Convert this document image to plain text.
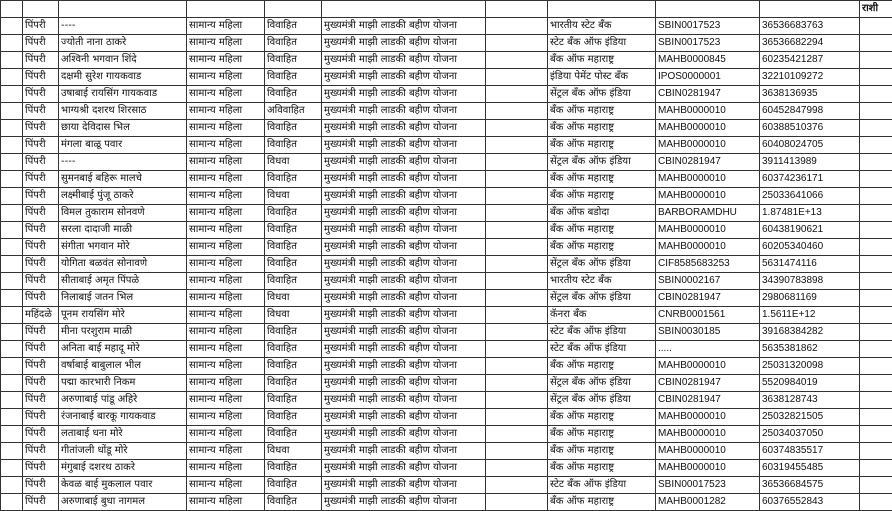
										राशी
	पिंपरी	----	सामान्य महिला	विवाहित	मुख्यमंत्री माझी लाडकी बहीण योजना		भारतीय स्टेट बँक	SBIN0017523	36536683763	
	पिंपरी	ज्योती नाना ठाकरे	सामान्य महिला	विवाहित	मुख्यमंत्री माझी लाडकी बहीण योजना		स्टेट बँक ऑफ इंडिया	SBIN0017523	36536682294	
	पिंपरी	अश्विनी भगवान शिंदे	सामान्य महिला	विवाहित	मुख्यमंत्री माझी लाडकी बहीण योजना		बँक ऑफ महाराष्ट्र	MAHB0000845	60235421287	
	पिंपरी	दक्षमी सुरेश गायकवाड	सामान्य महिला	विवाहित	मुख्यमंत्री माझी लाडकी बहीण योजना		इंडिया पेमेंट पोस्ट बँक	IPOS0000001	32210109272	
	पिंपरी	उषाबाई रायसिंग गायकवाड	सामान्य महिला	विवाहित	मुख्यमंत्री माझी लाडकी बहीण योजना		सेंट्रल बँक ऑफ इंडिया	CBIN0281947	3638136935	
	पिंपरी	भाग्यश्री दशरथ शिरसाठ	सामान्य महिला	अविवाहित	मुख्यमंत्री माझी लाडकी बहीण योजना		बँक ऑफ महाराष्ट्र	MAHB0000010	60452847998	
	पिंपरी	छाया देविदास भिल	सामान्य महिला	विवाहित	मुख्यमंत्री माझी लाडकी बहीण योजना		बँक ऑफ महाराष्ट्र	MAHB0000010	60388510376	
	पिंपरी	मंगला बाळू पवार	सामान्य महिला	विवाहित	मुख्यमंत्री माझी लाडकी बहीण योजना		बँक ऑफ महाराष्ट्र	MAHB0000010	60408024705	
	पिंपरी	----	सामान्य महिला	विधवा	मुख्यमंत्री माझी लाडकी बहीण योजना		सेंट्रल बँक ऑफ इंडिया	CBIN0281947	3911413989	
	पिंपरी	सुमनबाई बहिरू मालचे	सामान्य महिला	विवाहित	मुख्यमंत्री माझी लाडकी बहीण योजना		बँक ऑफ महाराष्ट्र	MAHB0000010	60374236171	
	पिंपरी	लक्ष्मीबाई पुंजू ठाकरे	सामान्य महिला	विधवा	मुख्यमंत्री माझी लाडकी बहीण योजना		बँक ऑफ महाराष्ट्र	MAHB0000010	25033641066	
	पिंपरी	विमल तुकाराम सोनवणे	सामान्य महिला	विवाहित	मुख्यमंत्री माझी लाडकी बहीण योजना		बँक ऑफ बडोदा	BARBORAMDHU	1.87481E+13	
	पिंपरी	सरला दादाजी माळी	सामान्य महिला	विवाहित	मुख्यमंत्री माझी लाडकी बहीण योजना		बँक ऑफ महाराष्ट्र	MAHB0000010	60438190621	
	पिंपरी	संगीता भगवान मोरे	सामान्य महिला	विवाहित	मुख्यमंत्री माझी लाडकी बहीण योजना		बँक ऑफ महाराष्ट्र	MAHB0000010	60205340460	
	पिंपरी	योगिता बळवंत सोनावणे	सामान्य महिला	विवाहित	मुख्यमंत्री माझी लाडकी बहीण योजना		सेंट्रल बँक ऑफ इंडिया	CIF8585683253	5631474116	
	पिंपरी	सीताबाई अमृत पिंपळे	सामान्य महिला	विवाहित	मुख्यमंत्री माझी लाडकी बहीण योजना		भारतीय स्टेट बँक	SBIN0002167	34390783898	
	पिंपरी	निलाबाई जतन भिल	सामान्य महिला	विधवा	मुख्यमंत्री माझी लाडकी बहीण योजना		सेंट्रल बँक ऑफ इंडिया	CBIN0281947	2980681169	
	महिंदळे	पूनम रायसिंग मोरे	सामान्य महिला	विधवा	मुख्यमंत्री माझी लाडकी बहीण योजना		कॅनरा बँक	CNRB0001561	1.5611E+12	
	पिंपरी	मीना परशुराम माळी	सामान्य महिला	विवाहित	मुख्यमंत्री माझी लाडकी बहीण योजना		स्टेट बँक ऑफ इंडिया	SBIN0030185	39168384282	
	पिंपरी	अनिता बाई महादू मोरे	सामान्य महिला	विवाहित	मुख्यमंत्री माझी लाडकी बहीण योजना		स्टेट बँक ऑफ इंडिया	.....	5635381862	
	पिंपरी	वर्षाबाई बाबुलाल भील	सामान्य महिला	विवाहित	मुख्यमंत्री माझी लाडकी बहीण योजना		बँक ऑफ महाराष्ट्र	MAHB0000010	25031320098	
	पिंपरी	पद्मा कारभारी निकम	सामान्य महिला	विवाहित	मुख्यमंत्री माझी लाडकी बहीण योजना		सेंट्रल बँक ऑफ इंडिया	CBIN0281947	5520984019	
	पिंपरी	अरुणाबाई पांडू अहिरे	सामान्य महिला	विवाहित	मुख्यमंत्री माझी लाडकी बहीण योजना		सेंट्रल बँक ऑफ इंडिया	CBIN0281947	3638128743	
	पिंपरी	रंजनाबाई बारकू गायकवाड	सामान्य महिला	विवाहित	मुख्यमंत्री माझी लाडकी बहीण योजना		बँक ऑफ महाराष्ट्र	MAHB0000010	25032821505	
	पिंपरी	लताबाई धना मोरे	सामान्य महिला	विवाहित	मुख्यमंत्री माझी लाडकी बहीण योजना		बँक ऑफ महाराष्ट्र	MAHB0000010	25034037050	
	पिंपरी	गीतांजली धोंडू मोरे	सामान्य महिला	विधवा	मुख्यमंत्री माझी लाडकी बहीण योजना		बँक ऑफ महाराष्ट्र	MAHB0000010	60374835517	
	पिंपरी	मंगुबाई दशरथ ठाकरे	सामान्य महिला	विवाहित	मुख्यमंत्री माझी लाडकी बहीण योजना		बँक ऑफ महाराष्ट्र	MAHB0000010	60319455485	
	पिंपरी	केवळ बाई मुकलाल पवार	सामान्य महिला	विवाहित	मुख्यमंत्री माझी लाडकी बहीण योजना		स्टेट बँक ऑफ इंडिया	SBIN00017523	36536684575	
	पिंपरी	अरुणाबाई बुधा नागमल	सामान्य महिला	विवाहित	मुख्यमंत्री माझी लाडकी बहीण योजना		बँक ऑफ महाराष्ट्र	MAHB0001282	60376552843	
